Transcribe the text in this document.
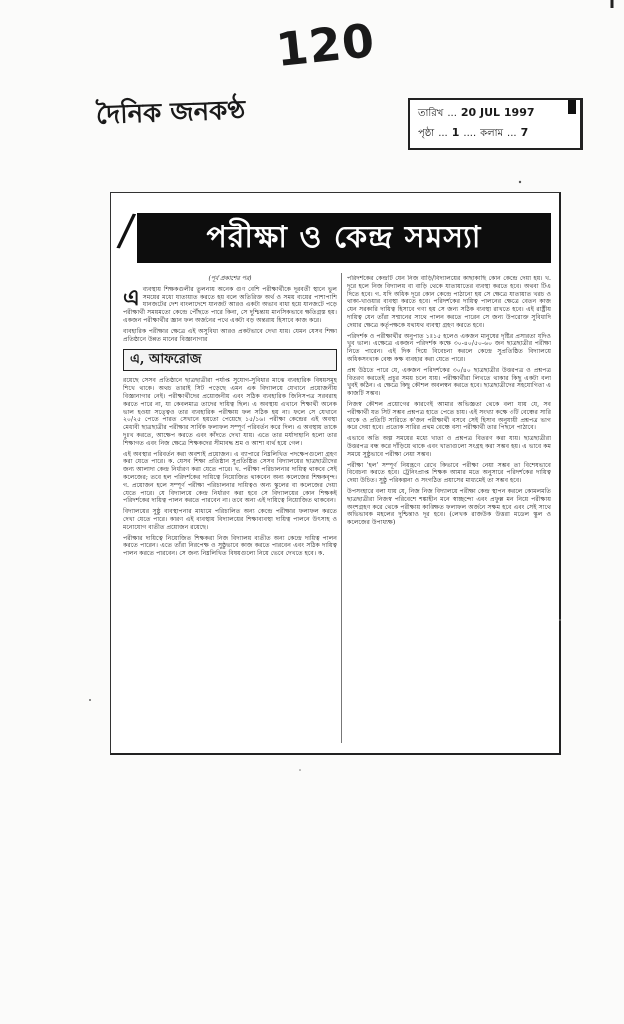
120
দৈনিক জনকণ্ঠ	তারিখ ... 20 JUL 1997
পৃষ্ঠা ... 1 .... কলাম ... 7
/	পরীক্ষা ও কেন্দ্র সমস্যা

(পূর্ব প্রকাশের পর)

এব্যবস্থায় শিক্ষকগুলীর তুলনায় অনেক গুণ বেশি পরীক্ষার্থীকে দূরবর্তী স্থানে ভুল সময়ের মধ্যে যাতায়াত করতে হয় বলে অতিরিক্ত অর্থ ও সময় ব্যয়ের পাশাপাশি যানজটের দেশ বাংলাদেশে যানজট আরও একটা অভাব বাধা হয়ে যানজটে পড়ে পরীক্ষার্থী সময়মতো কেন্দ্রে পৌঁছতে পারে কিনা, সে দুশ্চিন্তায় মানসিকভাবে ক্ষতিগ্রস্ত হয়। একজন পরীক্ষার্থীর জ্ঞান ফল অর্জনের পথে একটা বড় অন্তরায় হিসাবে কাজ করে।

ব্যবহারিক পরীক্ষার ক্ষেত্রে এই অসুবিধা আরও প্রকটভাবে দেখা যায়। যেমন যেসব শিক্ষা প্রতিষ্ঠানে উন্নত মানের বিজ্ঞানাগার

এ, আফরোজ

রয়েছে সেসব প্রতিষ্ঠানে ছাত্রছাত্রীরা পর্যাপ্ত সুযোগ-সুবিধার মাঝে ব্যবহারিক বিষয়সমূহ শিখে থাকে। অথচ তারাই সিট পড়েছে এমন এক বিদ্যালয়ে যেখানে প্রয়োজনীয় বিজ্ঞানাগার নেই। পরীক্ষার্থীদের প্রয়োজনীয় এবং সঠিক ব্যবহারিক জিনিসপত্র সরবরাহ করতে পারে না, যা কেবলমাত্র তাদের দায়িত্ব ছিল। এ অবস্থায় এখানে শিক্ষার্থী অনেক ভাল হওয়া সত্ত্বেও তার ব্যবহারিক পরীক্ষায় ফল সঠিক হয় না। ফলে সে যেখানে ২০/২৫ পেতে পারত সেখানে হয়তো পেয়েছে ১৫/১৬। পরীক্ষা কেন্দ্রের এই অবস্থা মেধাবী ছাত্রছাত্রীর পরীক্ষার সার্বিক ফলাফল সম্পূর্ণ পরিবর্তন করে দিল। এ অবস্থায় তাকে দুঃখ করতে, আক্ষেপ করতে এবং কাঁদতে দেখা যায়। এতে তার মর্যাদাহানি হলো তার শিক্ষাগত এবং নিজ ক্ষেত্রে শিক্ষকদের সীমাবদ্ধ শ্রম ও আশা ব্যর্থ হয়ে গেল।

এই অবস্থার পরিবর্তন করা অবশ্যই প্রয়োজন। এ ব্যাপারে নিম্নলিখিত পদক্ষেপগুলো গ্রহণ করা যেতে পারে। ক. যেসব শিক্ষা প্রতিষ্ঠান সুপ্রতিষ্ঠিত সেসব বিদ্যালয়ের ছাত্রছাত্রীদের জন্য আলাদা কেন্দ্র নির্ধারণ করা যেতে পারে। খ. পরীক্ষা পরিচালনার দায়িত্ব থাকবে সেই কলেজের; তবে হল পরিদর্শকের দায়িত্বে নিয়োজিত থাকবেন অন্য কলেজের শিক্ষকবৃন্দ। গ. প্রয়োজন হলে সম্পূর্ণ পরীক্ষা পরিচালনার দায়িত্বও অন্য স্কুলের বা কলেজের দেয়া যেতে পারে। যে বিদ্যালয়ে কেন্দ্র নির্ধারণ করা হবে সে বিদ্যালয়ের কোন শিক্ষকই পরিদর্শকের দায়িত্ব পালন করতে পারবেন না। তবে অন্য এই দায়িত্বে নিয়োজিত থাকবেন।

বিদ্যালয়ের সুষ্ঠু ব্যবস্থাপনার মাধ্যমে পরিচালিত অন্য কেন্দ্রে পরীক্ষার ফলাফল করতে দেখা যেতে পারে। কারণ এই ব্যবস্থায় বিদ্যালয়ের শিক্ষাব্যবস্থা দায়িত্ব পালনে উৎসাহ ও মনোযোগ ব্যতীত প্রয়োজন রয়েছে।

পরীক্ষার দায়িত্বে নিয়োজিত শিক্ষকরা নিজ বিদ্যালয় ব্যতীত অন্য কেন্দ্রে দায়িত্ব পালন করতে পারেন। এতে তাঁরা নিরপেক্ষ ও সুষ্ঠুভাবে কাজ করতে পারবেন এবং সঠিক দায়িত্ব পালন করতে পারবেন। সে জন্য নিম্নলিখিত বিষয়গুলো নিয়ে ভেবে দেখতে হবে। ক.

পরিদর্শকের কেন্দ্রটি যেন নিজ বাড়ি/বিদ্যালয়ের কাছাকাছি কোন কেন্দ্রে দেয়া হয়। খ. দূরে হলে নিজ বিদ্যালয় বা বাড়ি থেকে যাতায়াতের ব্যবস্থা করতে হবে। অথবা টিএ দিতে হবে। গ. যদি অধিক দূরে কোন কেন্দ্রে পাঠানো হয় সে ক্ষেত্রে যাতায়াত খরচ ও থাকা-খাওয়ার ব্যবস্থা করতে হবে। পরিদর্শকের দায়িত্ব পালনের ক্ষেত্রে বেতন কাজ যেন সরকারি দায়িত্ব হিসাবে গণ্য হয় সে জন্য সঠিক ব্যবস্থা রাখতে হবে। এই রাষ্ট্রীয় দায়িত্ব যেন তাঁরা সম্মানের সাথে পালন করতে পারেন সে জন্য উপরোক্ত সুবিধাদি দেয়ার ক্ষেত্রে কর্তৃপক্ষকে যথাযথ ব্যবস্থা গ্রহণ করতে হবে।

পরিদর্শক ও পরীক্ষার্থীর অনুপাত ১ঃ১৫ হলেও একজন মানুষের দৃষ্টির প্রসারতা যদিও খুব ভাল। এক্ষেত্রে একজন পরিদর্শক কক্ষে ৩০-৪০/৫০-৬০ জন ছাত্রছাত্রীর পরীক্ষা নিতে পারেন। এই দিক দিয়ে বিবেচনা করলে কেন্দ্রে সুপ্রতিষ্ঠিত বিদ্যালয়ে অধিকসংখ্যক বেঞ্চ কক্ষ ব্যবহার করা যেতে পারে।

প্রশ্ন উঠতে পারে যে, একজন পরিদর্শকের ৩০/৪০ ছাত্রছাত্রীর উত্তরপত্র ও প্রশ্নপত্র বিতরণ করতেই প্রচুর সময় চলে যায়। পরীক্ষার্থীরা লিখতে থাকার কিছু একটা বলা খুবই কঠিন। এ ক্ষেত্রে কিছু কৌশল অবলম্বন করতে হবে। ছাত্রছাত্রীদের সহযোগিতা এ কাজটি সম্ভব।

নিজস্ব কৌশল প্রয়োগের কারণেই আমার অভিজ্ঞতা থেকে বলা যায় যে, সব পরীক্ষার্থী যত সিট সম্ভব প্রশ্নপত্র হাতে পেতে চায়। এই সংখ্যা কক্ষে ৩টি বেঞ্চের সারি থাকে ও প্রতিটি সারিতে ক'জন পরীক্ষার্থী বসবে সেই হিসাব অনুযায়ী প্রশ্নপত্র ভাগ করে দেয়া হবে। প্রত্যেক সারির প্রথম বেঞ্চে বসা পরীক্ষার্থী তার পিছনে পাঠাবে।

এভাবে অতি অল্প সময়ের মধ্যে খাতা ও প্রশ্নপত্র বিতরণ করা যায়। ছাত্রছাত্রীরা উত্তরপত্র বন্ধ করে দাঁড়িয়ে থাকে এবং খাতাগুলো সংগ্রহ করা সম্ভব হয়। এ ভাবে কম সময়ে সুষ্ঠুভাবে পরীক্ষা নেয়া সম্ভব।

পরীক্ষা 'হল' সম্পূর্ণ নিয়ন্ত্রণে রেখে কিভাবে পরীক্ষা নেয়া সম্ভব তা বিশেষভাবে বিবেচনা করতে হবে। ট্রেনিংপ্রাপ্ত শিক্ষক আমার মতে অনুসারে পরিদর্শকের দায়িত্ব দেয়া উচিত। সুষ্ঠু পরিকল্পনা ও সংগঠিত প্রয়াসের মাধ্যমেই তা সম্ভব হবে।

উপসংহারে বলা যায় যে, নিজ নিজ বিদ্যালয়ে পরীক্ষা কেন্দ্র স্থাপন করলে কোমলমতি ছাত্রছাত্রীরা নিজস্ব পরিবেশে শঙ্কাহীন মনে স্বাচ্ছন্দ্যে এবং প্রফুল্ল মন নিয়ে পরীক্ষায় অংশগ্রহণ করে থেকে পরীক্ষায় কাঙ্ক্ষিত ফলাফল অর্জনে সক্ষম হবে এবং সেই সাথে অভিভাবক মহলের দুশ্চিন্তাও দূর হবে। (লেখক রাজউক উত্তরা মডেল স্কুল ও কলেজের উপাধ্যক্ষ)
